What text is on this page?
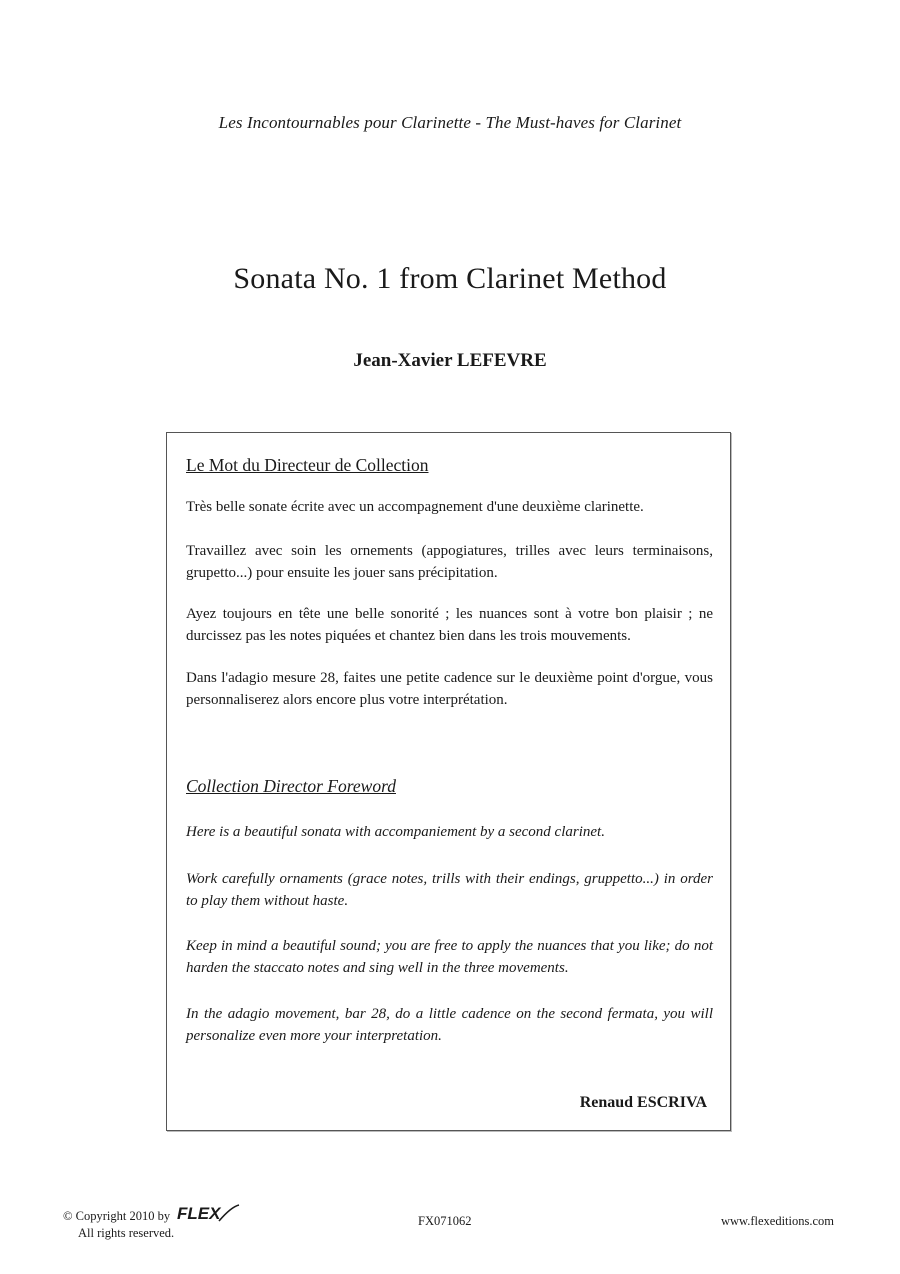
Les Incontournables pour Clarinette - The Must-haves for Clarinet
Sonata No. 1 from Clarinet Method
Jean-Xavier LEFEVRE
Le Mot du Directeur de Collection
Très belle sonate écrite avec un accompagnement d'une deuxième clarinette.
Travaillez avec soin les ornements (appogiatures, trilles avec leurs terminaisons, grupetto...) pour ensuite les jouer sans précipitation.
Ayez toujours en tête une belle sonorité ; les nuances sont à votre bon plaisir ; ne durcissez pas les notes piquées et chantez bien dans les trois mouvements.
Dans l'adagio mesure 28, faites une petite cadence sur le deuxième point d'orgue, vous personnaliserez alors encore plus votre interprétation.
Collection Director Foreword
Here is a beautiful sonata with accompaniement by a second clarinet.
Work carefully ornaments (grace notes, trills with their endings, gruppetto...) in order to play them without haste.
Keep in mind a beautiful sound; you are free to apply the nuances that you like; do not harden the staccato notes and sing well in the three movements.
In the adagio movement, bar 28, do a little cadence on the second fermata, you will personalize even more your interpretation.
Renaud ESCRIVA
© Copyright 2010 by FLEX
All rights reserved.
FX071062	www.flexeditions.com
